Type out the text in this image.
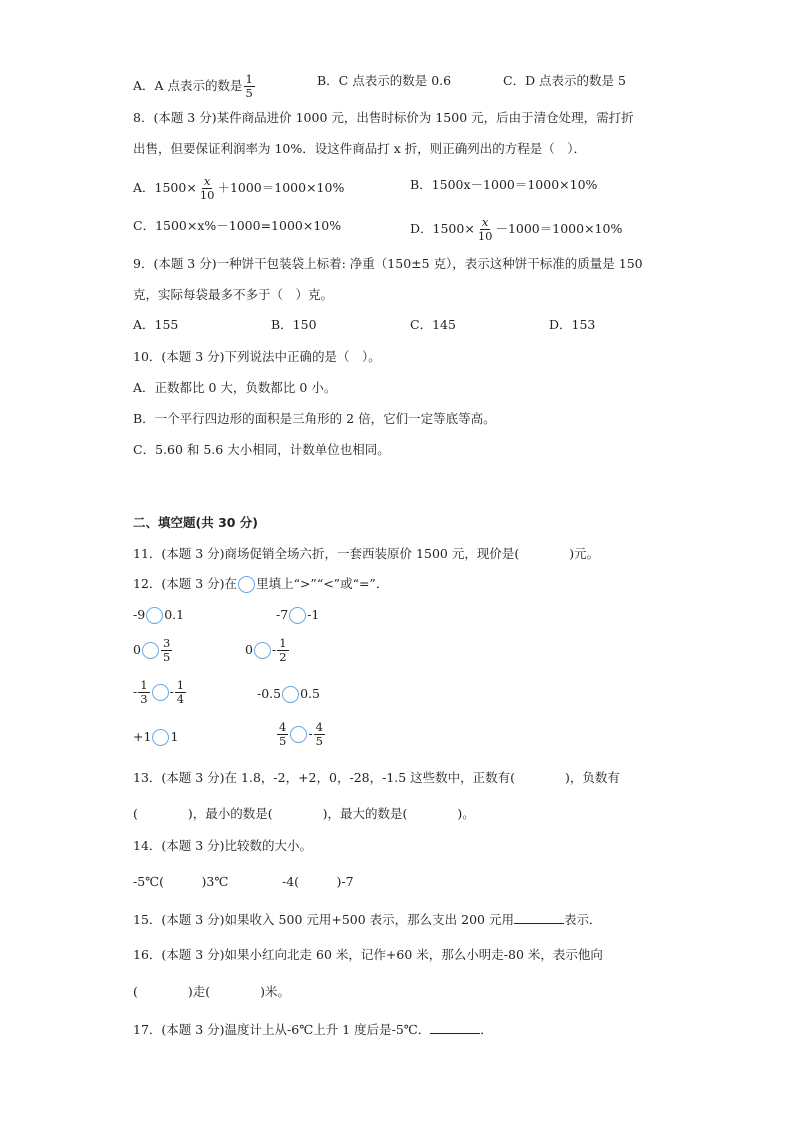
A．A 点表示的数是 $\frac{1}{5}$	B．C 点表示的数是 0.6	C．D 点表示的数是 5
8．(本题 3 分)某件商品进价 1000 元，出售时标价为 1500 元，后由于清仓处理，需打折
出售，但要保证利润率为 10%．设这件商品打 x 折，则正确列出的方程是（　）．
A．$1500\times \frac{x}{10} +1000=1000\times 10\%$	B．1500x－1000＝1000×10%
C．1500×x%－1000=1000×10%	D．$1500\times \frac{x}{10} -1000=1000\times 10\%$
9．(本题 3 分)一种饼干包装袋上标着: 净重（150±5 克），表示这种饼干标准的质量是 150
克，实际每袋最多不多于（　）克。
A．155	B．150	C．145	D．153
10．(本题 3 分)下列说法中正确的是（　）。
A．正数都比 0 大，负数都比 0 小。
B．一个平行四边形的面积是三角形的 2 倍，它们一定等底等高。
C．5.60 和 5.6 大小相同，计数单位也相同。
二、填空题(共 30 分)
11．(本题 3 分)商场促销全场六折，一套西装原价 1500 元，现价是(　　　　)元。
12．(本题 3 分)在 里填上“>”“<”或“=”．
-9 0.1	-7 -1
$0 \frac{3}{5}$	$0 - \frac{1}{2}$
- $\frac{1}{3} - \frac{1}{4}$	-0.5 0.5
+1 1	$\frac{4}{5} - \frac{4}{5}$
13．(本题 3 分)在 1.8，-2，+2，0，-28，-1.5 这些数中，正数有(　　　　)，负数有
(　　　　)，最小的数是(　　　　)，最大的数是(　　　　)。
14．(本题 3 分)比较数的大小。
-5℃(　　　)3℃	-4(　　　)-7
15．(本题 3 分)如果收入 500 元用+500 表示，那么支出 200 元用	表示．
16．(本题 3 分)如果小红向北走 60 米，记作+60 米，那么小明走-80 米，表示他向
(　　　　)走(　　　　)米。
17．(本题 3 分)温度计上从-6℃上升 1 度后是-5℃．	．
